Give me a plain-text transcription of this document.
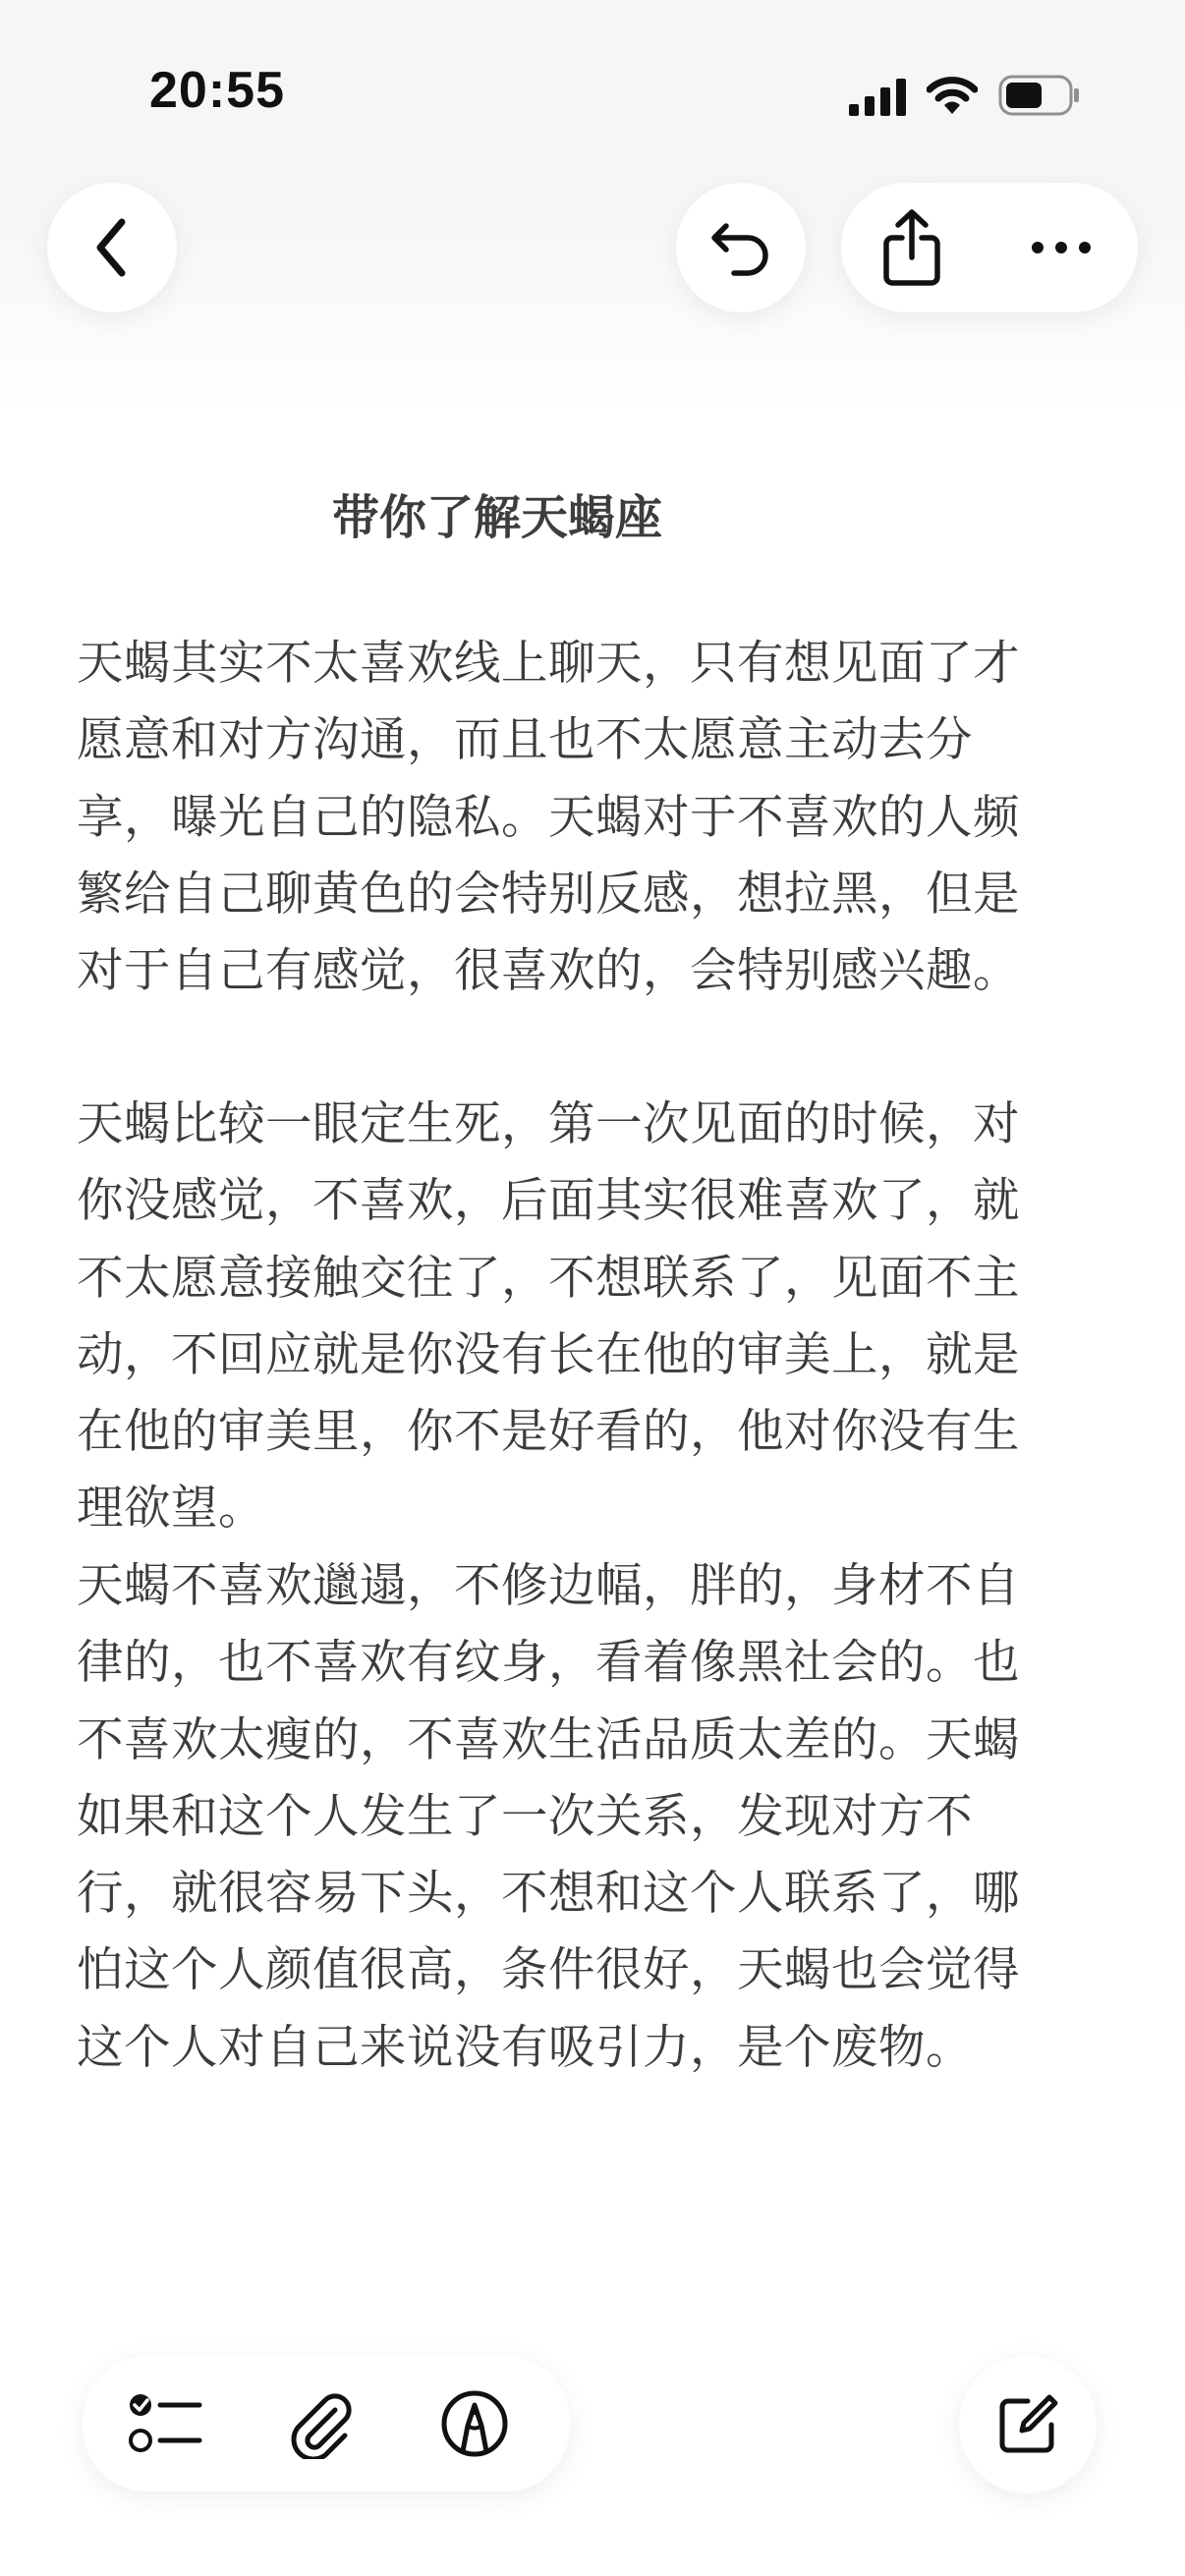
20:55
带你了解天蝎座
天蝎其实不太喜欢线上聊天，只有想见面了才
愿意和对方沟通，而且也不太愿意主动去分
享，曝光自己的隐私。天蝎对于不喜欢的人频
繁给自己聊黄色的会特别反感，想拉黑，但是
对于自己有感觉，很喜欢的，会特别感兴趣。
天蝎比较一眼定生死，第一次见面的时候，对
你没感觉，不喜欢，后面其实很难喜欢了，就
不太愿意接触交往了，不想联系了，见面不主
动，不回应就是你没有长在他的审美上，就是
在他的审美里，你不是好看的，他对你没有生
理欲望。
天蝎不喜欢邋遢，不修边幅，胖的，身材不自
律的，也不喜欢有纹身，看着像黑社会的。也
不喜欢太瘦的，不喜欢生活品质太差的。天蝎
如果和这个人发生了一次关系，发现对方不
行，就很容易下头，不想和这个人联系了，哪
怕这个人颜值很高，条件很好，天蝎也会觉得
这个人对自己来说没有吸引力，是个废物。
